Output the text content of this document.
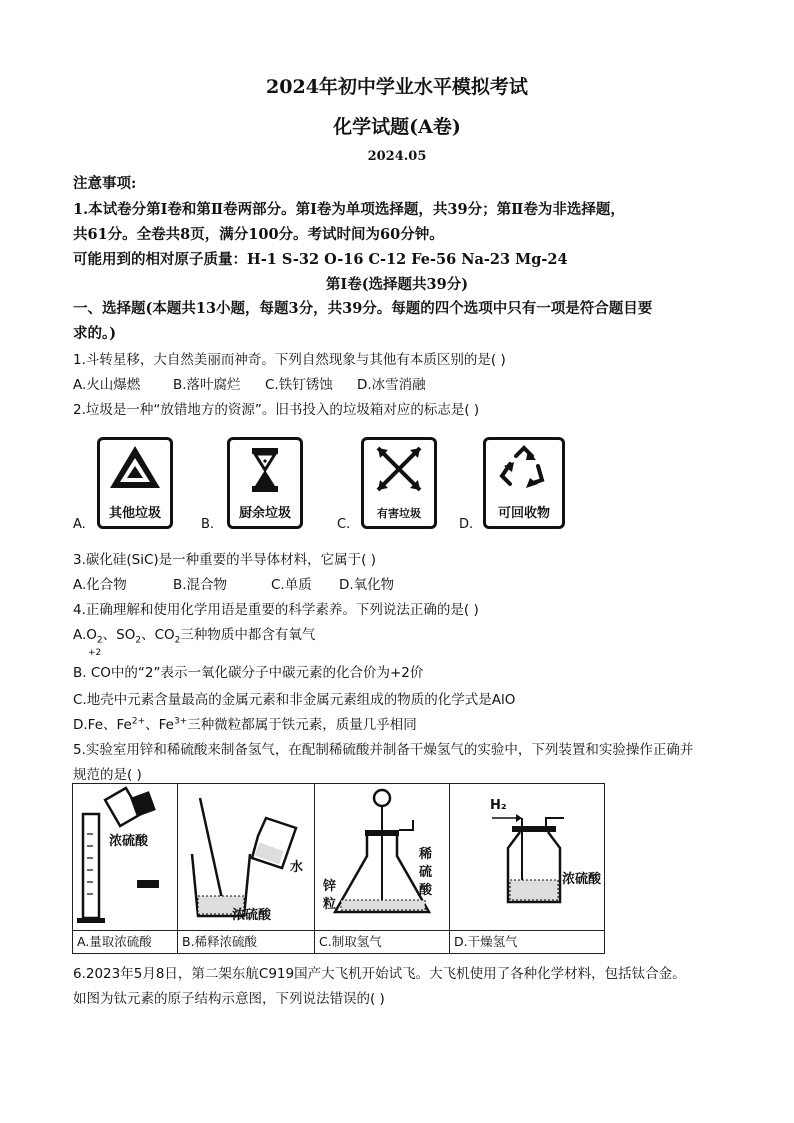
2024年初中学业水平模拟考试
化学试题(A卷)
2024.05
注意事项:
1.本试卷分第Ⅰ卷和第Ⅱ卷两部分。第Ⅰ卷为单项选择题，共39分；第Ⅱ卷为非选择题，
共61分。全卷共8页，满分100分。考试时间为60分钟。
可能用到的相对原子质量：H-1 S-32 O-16 C-12 Fe-56 Na-23 Mg-24
第Ⅰ卷(选择题共39分)
一、选择题(本题共13小题，每题3分，共39分。每题的四个选项中只有一项是符合题目要
求的。)
1.斗转星移，大自然美丽而神奇。下列自然现象与其他有本质区别的是( )
A.火山爆燃 B.落叶腐烂 C.铁钉锈蚀 D.冰雪消融
2.垃圾是一种“放错地方的资源”。旧书投入的垃圾箱对应的标志是( )
A.
其他垃圾
B.
厨余垃圾
C.
有害垃圾
D.
可回收物
3.碳化硅(SiC)是一种重要的半导体材料，它属于( )
A.化合物	B.混合物	C.单质 D.氧化物
4.正确理解和使用化学用语是重要的科学素养。下列说法正确的是( )
$A.O_2$、$SO_2$、$CO_2$三种物质中都含有氧气
+2
B. CO中的“2”表示一氧化碳分子中碳元素的化合价为+2价
C.地壳中元素含量最高的金属元素和非金属元素组成的物质的化学式是AlO
D.Fe、$Fe^{2+}$、$Fe^{3+}$三种微粒都属于铁元素，质量几乎相同
5.实验室用锌和稀硫酸来制备氢气，在配制稀硫酸并制备干燥氢气的实验中，下列装置和实验操作正确并
规范的是( )
浓硫酸
A.量取浓硫酸

水
浓硫酸
B.稀释浓硫酸

锌粒
稀硫酸
C.制取氢气

H₂
浓硫酸
D.干燥氢气
6.2023年5月8日，第二架东航C919国产大飞机开始试飞。大飞机使用了各种化学材料，包括钛合金。
如图为钛元素的原子结构示意图，下列说法错误的( )
